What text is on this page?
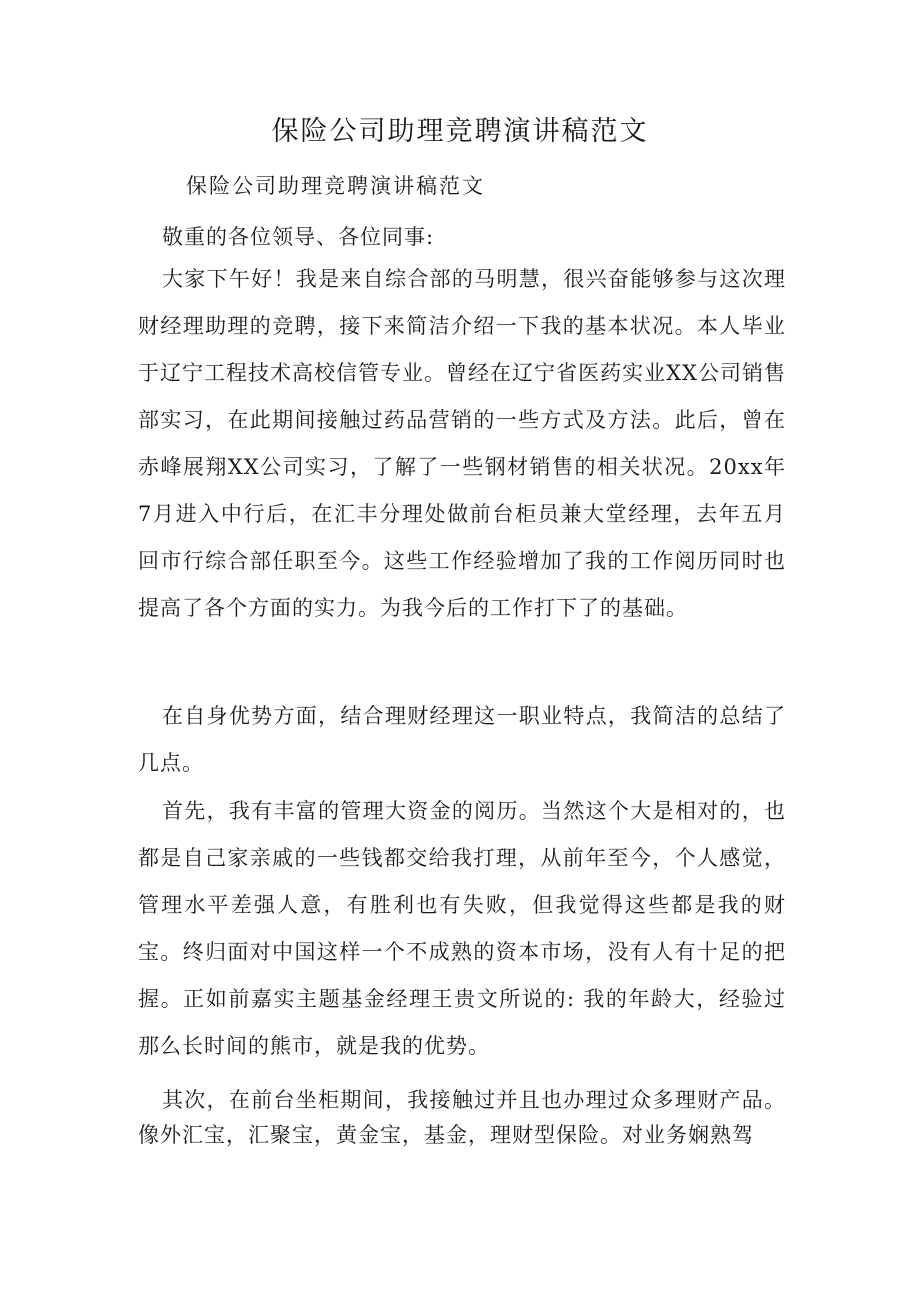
保险公司助理竞聘演讲稿范文

保险公司助理竞聘演讲稿范文

敬重的各位领导、各位同事:

大家下午好！我是来自综合部的马明慧，很兴奋能够参与这次理财经理助理的竞聘，接下来简洁介绍一下我的基本状况。本人毕业于辽宁工程技术高校信管专业。曾经在辽宁省医药实业XX公司销售部实习，在此期间接触过药品营销的一些方式及方法。此后，曾在赤峰展翔XX公司实习，了解了一些钢材销售的相关状况。20xx年7月进入中行后，在汇丰分理处做前台柜员兼大堂经理，去年五月回市行综合部任职至今。这些工作经验增加了我的工作阅历同时也提高了各个方面的实力。为我今后的工作打下了的基础。

在自身优势方面，结合理财经理这一职业特点，我简洁的总结了几点。

首先，我有丰富的管理大资金的阅历。当然这个大是相对的，也都是自己家亲戚的一些钱都交给我打理，从前年至今，个人感觉，管理水平差强人意，有胜利也有失败，但我觉得这些都是我的财宝。终归面对中国这样一个不成熟的资本市场，没有人有十足的把握。正如前嘉实主题基金经理王贵文所说的: 我的年龄大，经验过那么长时间的熊市，就是我的优势。

其次，在前台坐柜期间，我接触过并且也办理过众多理财产品。像外汇宝，汇聚宝，黄金宝，基金，理财型保险。对业务娴熟驾
